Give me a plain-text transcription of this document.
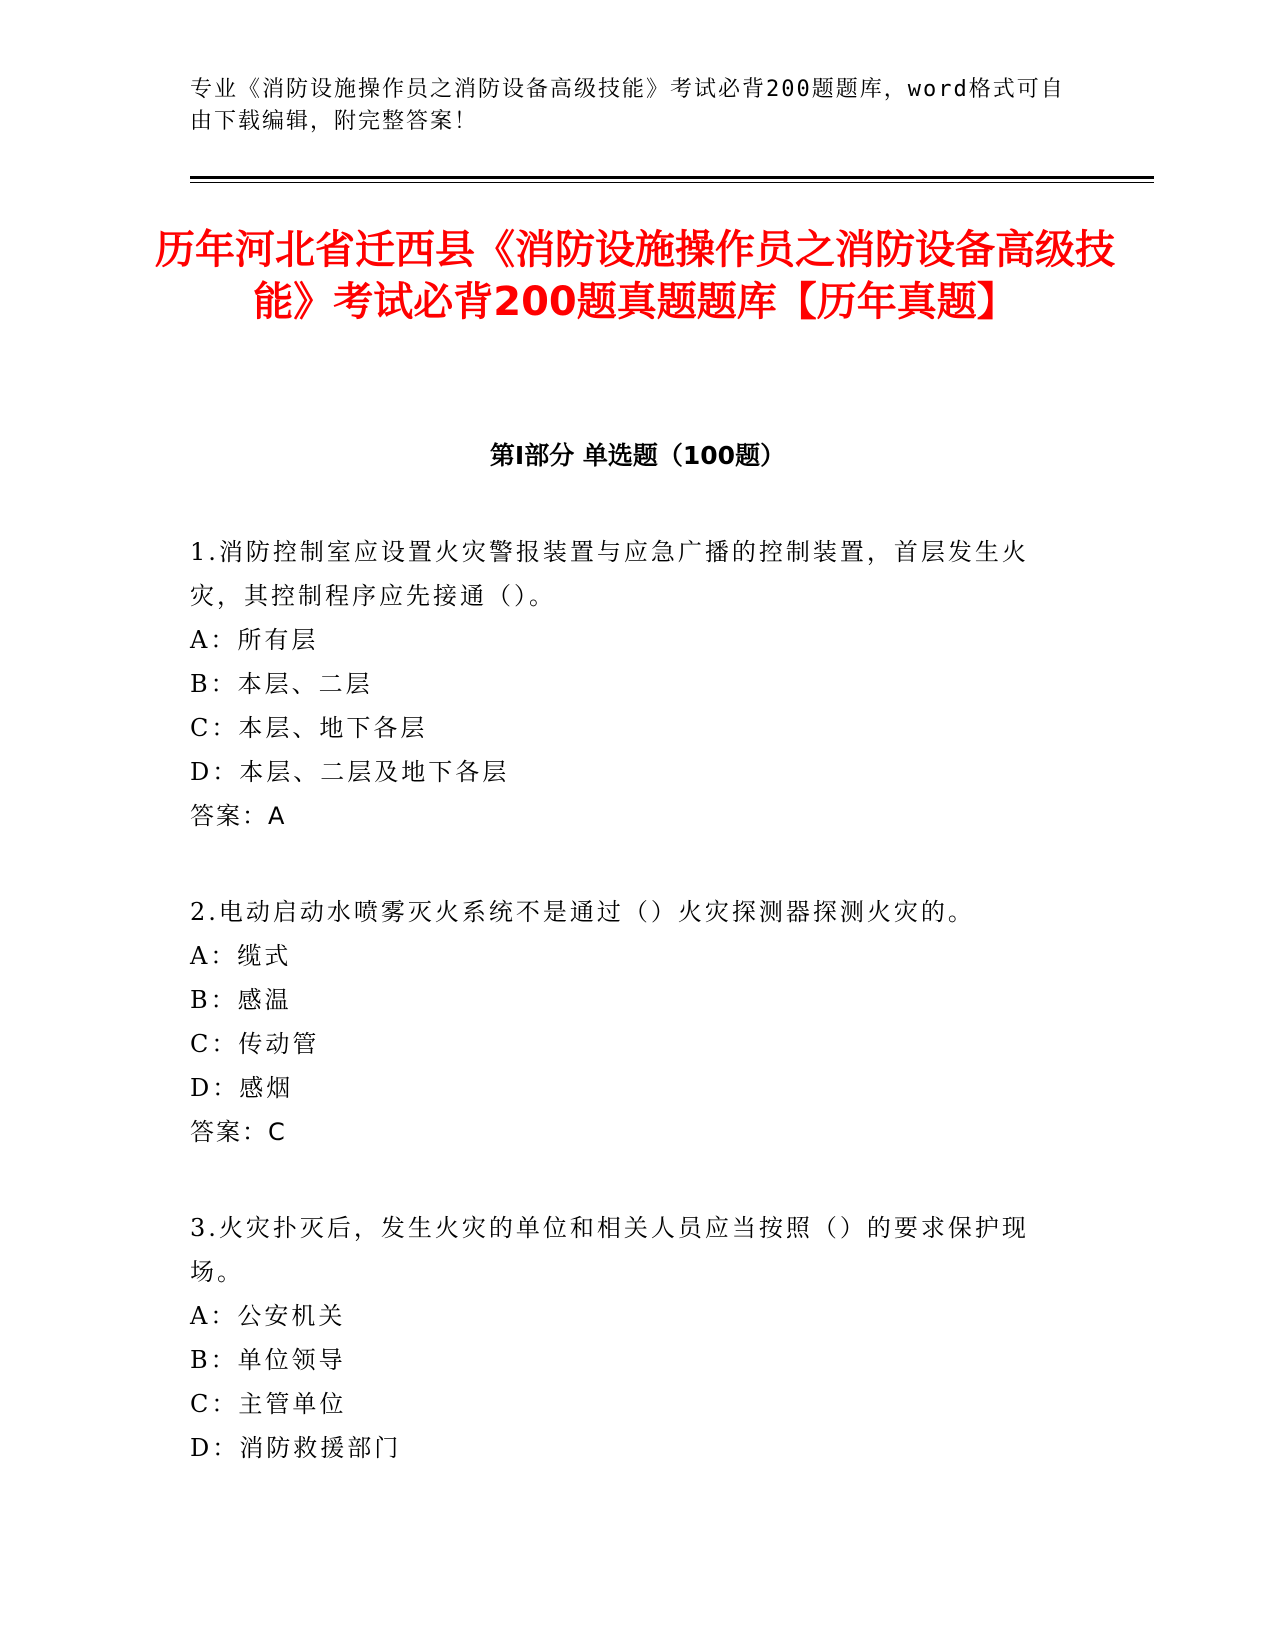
专业《消防设施操作员之消防设备高级技能》考试必背200题题库，word格式可自由下载编辑，附完整答案！
历年河北省迁西县《消防设施操作员之消防设备高级技能》考试必背200题真题题库【历年真题】
第Ⅰ部分 单选题（100题）

1.消防控制室应设置火灾警报装置与应急广播的控制装置，首层发生火灾，其控制程序应先接通（）。

A：所有层
B：本层、二层
C：本层、地下各层
D：本层、二层及地下各层
答案：A

2.电动启动水喷雾灭火系统不是通过（）火灾探测器探测火灾的。

A：缆式
B：感温
C：传动管
D：感烟
答案：C

3.火灾扑灭后，发生火灾的单位和相关人员应当按照（）的要求保护现场。

A：公安机关
B：单位领导
C：主管单位
D：消防救援部门
